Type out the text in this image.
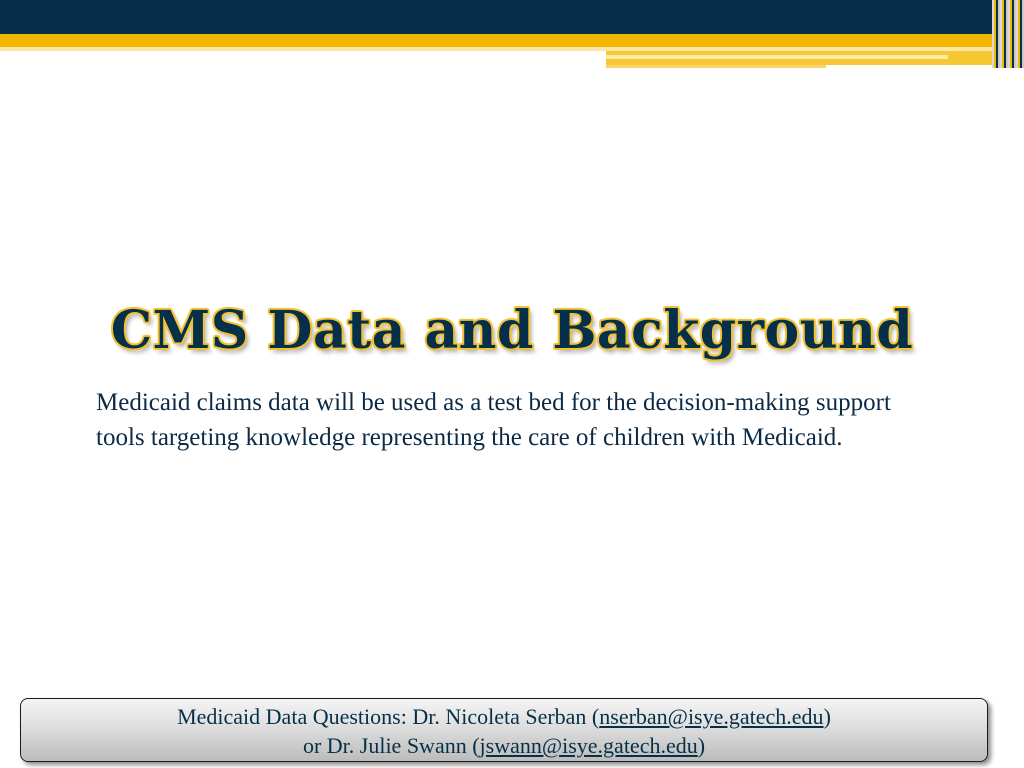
CMS Data and Background

Medicaid claims data will be used as a test bed for the decision-making support tools targeting knowledge representing the care of children with Medicaid.

Medicaid Data Questions: Dr. Nicoleta Serban (nserban@isye.gatech.edu)
or Dr. Julie Swann (jswann@isye.gatech.edu)
